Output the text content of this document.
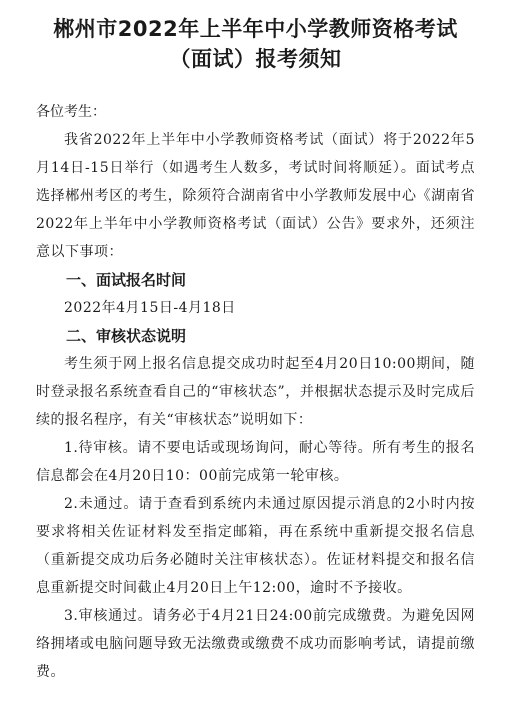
郴州市2022年上半年中小学教师资格考试
（面试）报考须知

各位考生：

我省2022年上半年中小学教师资格考试（面试）将于2022年5月14日-15日举行（如遇考生人数多，考试时间将顺延）。面试考点选择郴州考区的考生，除须符合湖南省中小学教师发展中心《湖南省2022年上半年中小学教师资格考试（面试）公告》要求外，还须注意以下事项：

一、面试报名时间

2022年4月15日-4月18日

二、审核状态说明

考生须于网上报名信息提交成功时起至4月20日10:00期间，随时登录报名系统查看自己的“审核状态”，并根据状态提示及时完成后续的报名程序，有关“审核状态”说明如下：

1.待审核。请不要电话或现场询问，耐心等待。所有考生的报名信息都会在4月20日10：00前完成第一轮审核。

2.未通过。请于查看到系统内未通过原因提示消息的2小时内按要求将相关佐证材料发至指定邮箱，再在系统中重新提交报名信息（重新提交成功后务必随时关注审核状态）。佐证材料提交和报名信息重新提交时间截止4月20日上午12:00，逾时不予接收。

3.审核通过。请务必于4月21日24:00前完成缴费。为避免因网络拥堵或电脑问题导致无法缴费或缴费不成功而影响考试，请提前缴费。
